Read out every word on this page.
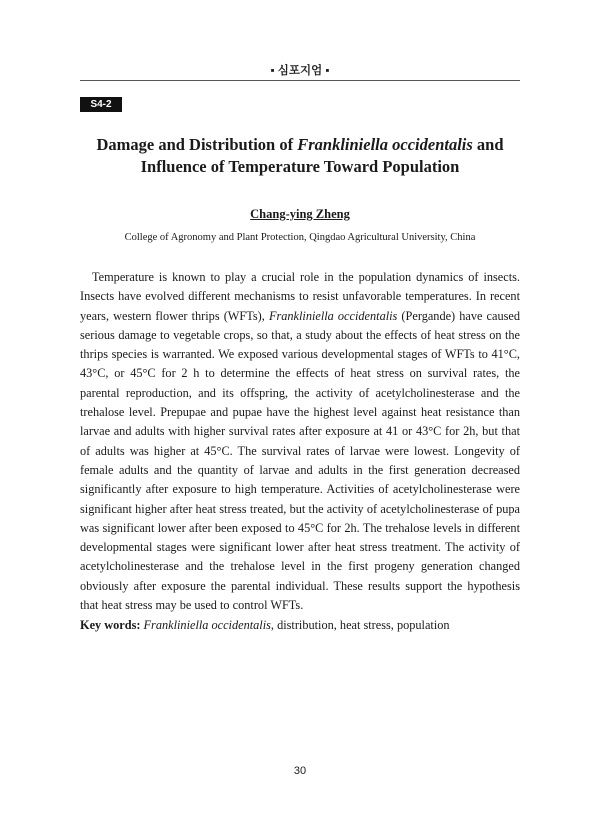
▪ 심포지엄 ▪
S4-2
Damage and Distribution of Frankliniella occidentalis and
Influence of Temperature Toward Population
Chang-ying Zheng
College of Agronomy and Plant Protection, Qingdao Agricultural University, China

Temperature is known to play a crucial role in the population dynamics of insects. Insects have evolved different mechanisms to resist unfavorable temperatures. In recent years, western flower thrips (WFTs), Frankliniella occidentalis (Pergande) have caused serious damage to vegetable crops, so that, a study about the effects of heat stress on the thrips species is warranted. We exposed various developmental stages of WFTs to 41°C, 43°C, or 45°C for 2 h to determine the effects of heat stress on survival rates, the parental reproduction, and its offspring, the activity of acetylcholinesterase and the trehalose level. Prepupae and pupae have the highest level against heat resistance than larvae and adults with higher survival rates after exposure at 41 or 43°C for 2h, but that of adults was higher at 45°C. The survival rates of larvae were lowest. Longevity of female adults and the quantity of larvae and adults in the first generation decreased significantly after exposure to high temperature. Activities of acetylcholinesterase were significant higher after heat stress treated, but the activity of acetylcholinesterase of pupa was significant lower after been exposed to 45°C for 2h. The trehalose levels in different developmental stages were significant lower after heat stress treatment. The activity of acetylcholinesterase and the trehalose level in the first progeny generation changed obviously after exposure the parental individual. These results support the hypothesis that heat stress may be used to control WFTs.

Key words: Frankliniella occidentalis, distribution, heat stress, population
30
